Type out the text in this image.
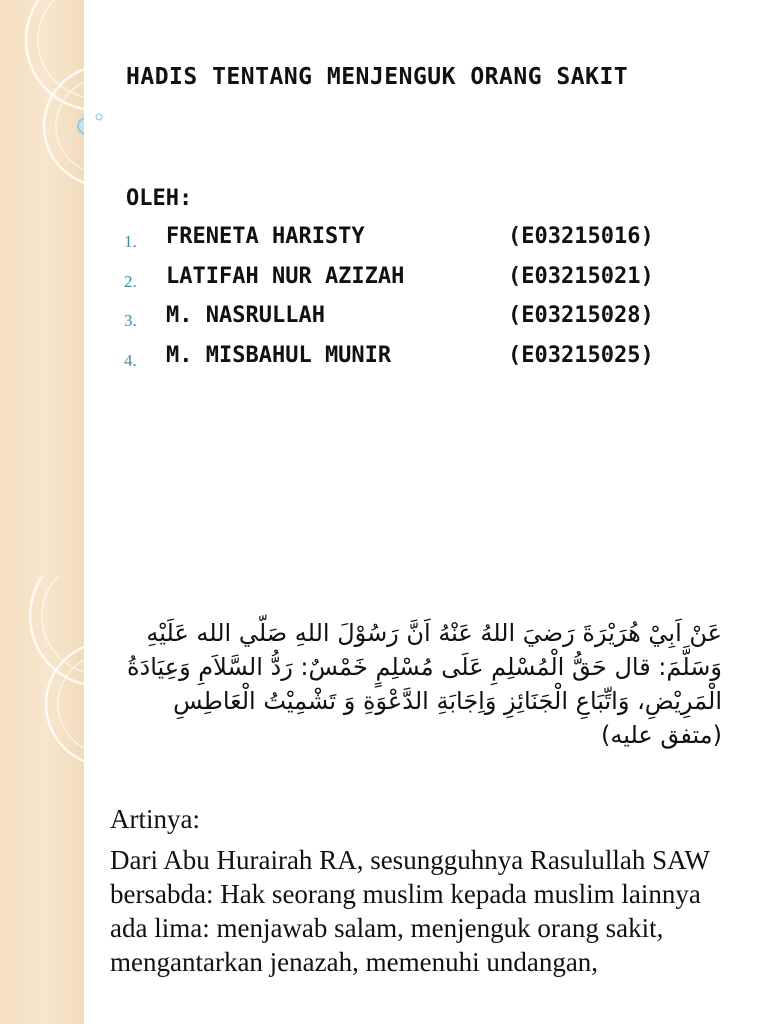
HADIS TENTANG MENJENGUK ORANG SAKIT
OLEH:
1. FRENETA HARISTY	(E03215016)
2. LATIFAH NUR AZIZAH	(E03215021)
3. M. NASRULLAH	(E03215028)
4. M. MISBAHUL MUNIR	(E03215025)
عَنْ اَبِيْ هُرَيْرَةَ رَضيَ اللهُ عَنْهُ اَنَّ رَسُوْلَ اللهِ صَلّي الله عَلَيْهِ وَسَلَّمَ: قال حَقُّ الْمُسْلِمِ عَلَى مُسْلِمٍ خَمْسٌ: رَدُّ السَّلاَمِ وَعِيَادَةُ الْمَرِيْضِ، وَاتِّبَاعِ الْجَنَائِزِ وَاِجَابَةِ الدَّعْوَةِ وَ تَشْمِيْتُ الْعَاطِسِ (متفق عليه)
Artinya:
Dari Abu Hurairah RA, sesungguhnya Rasulullah SAW bersabda: Hak seorang muslim kepada muslim lainnya ada lima: menjawab salam, menjenguk orang sakit, mengantarkan jenazah, memenuhi undangan,
